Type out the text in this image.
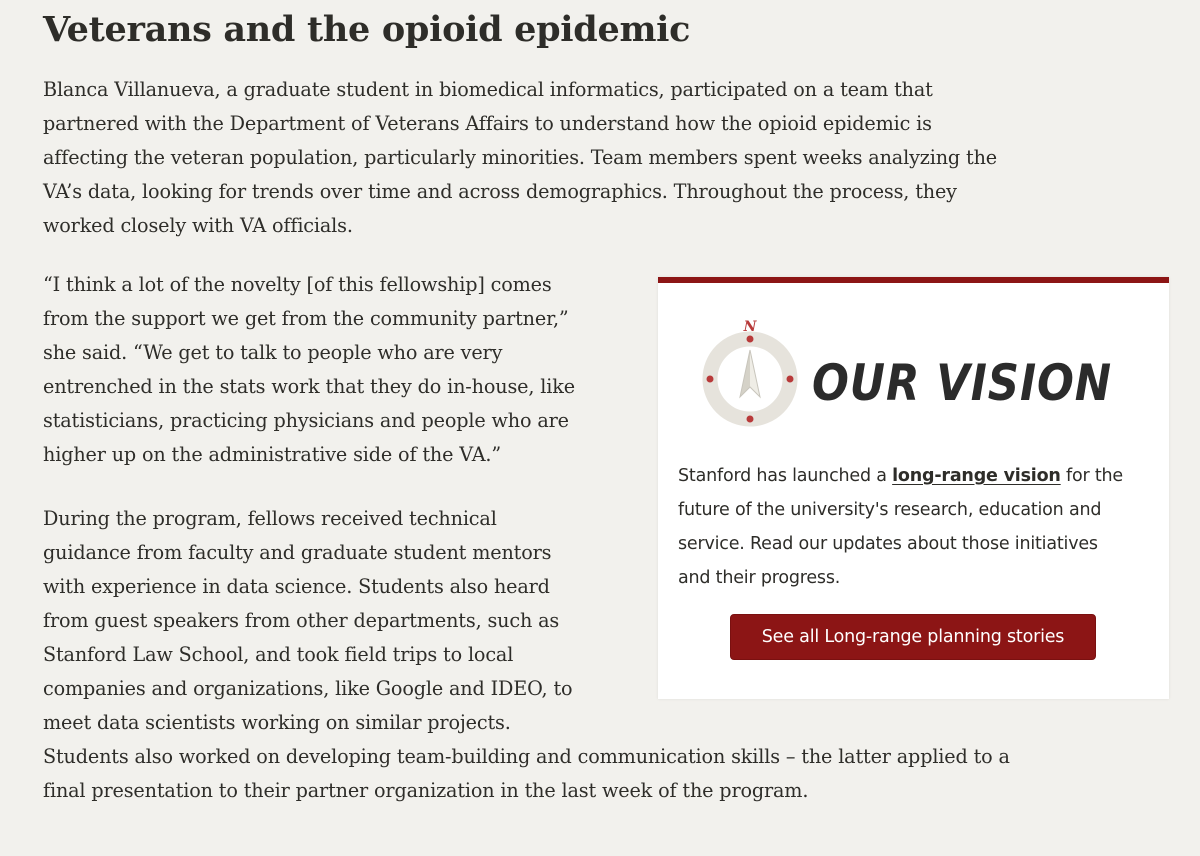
Veterans and the opioid epidemic

Blanca Villanueva, a graduate student in biomedical informatics, participated on a team that
partnered with the Department of Veterans Affairs to understand how the opioid epidemic is
affecting the veteran population, particularly minorities. Team members spent weeks analyzing the
VA’s data, looking for trends over time and across demographics. Throughout the process, they
worked closely with VA officials.

“I think a lot of the novelty [of this fellowship] comes
from the support we get from the community partner,”
she said. “We get to talk to people who are very
entrenched in the stats work that they do in-house, like
statisticians, practicing physicians and people who are
higher up on the administrative side of the VA.”

During the program, fellows received technical
guidance from faculty and graduate student mentors
with experience in data science. Students also heard
from guest speakers from other departments, such as
Stanford Law School, and took field trips to local
companies and organizations, like Google and IDEO, to
meet data scientists working on similar projects.
Students also worked on developing team-building and communication skills – the latter applied to a
final presentation to their partner organization in the last week of the program.

N
OUR VISION

Stanford has launched a long-range vision for the
future of the university's research, education and
service. Read our updates about those initiatives
and their progress.

See all Long-range planning stories
